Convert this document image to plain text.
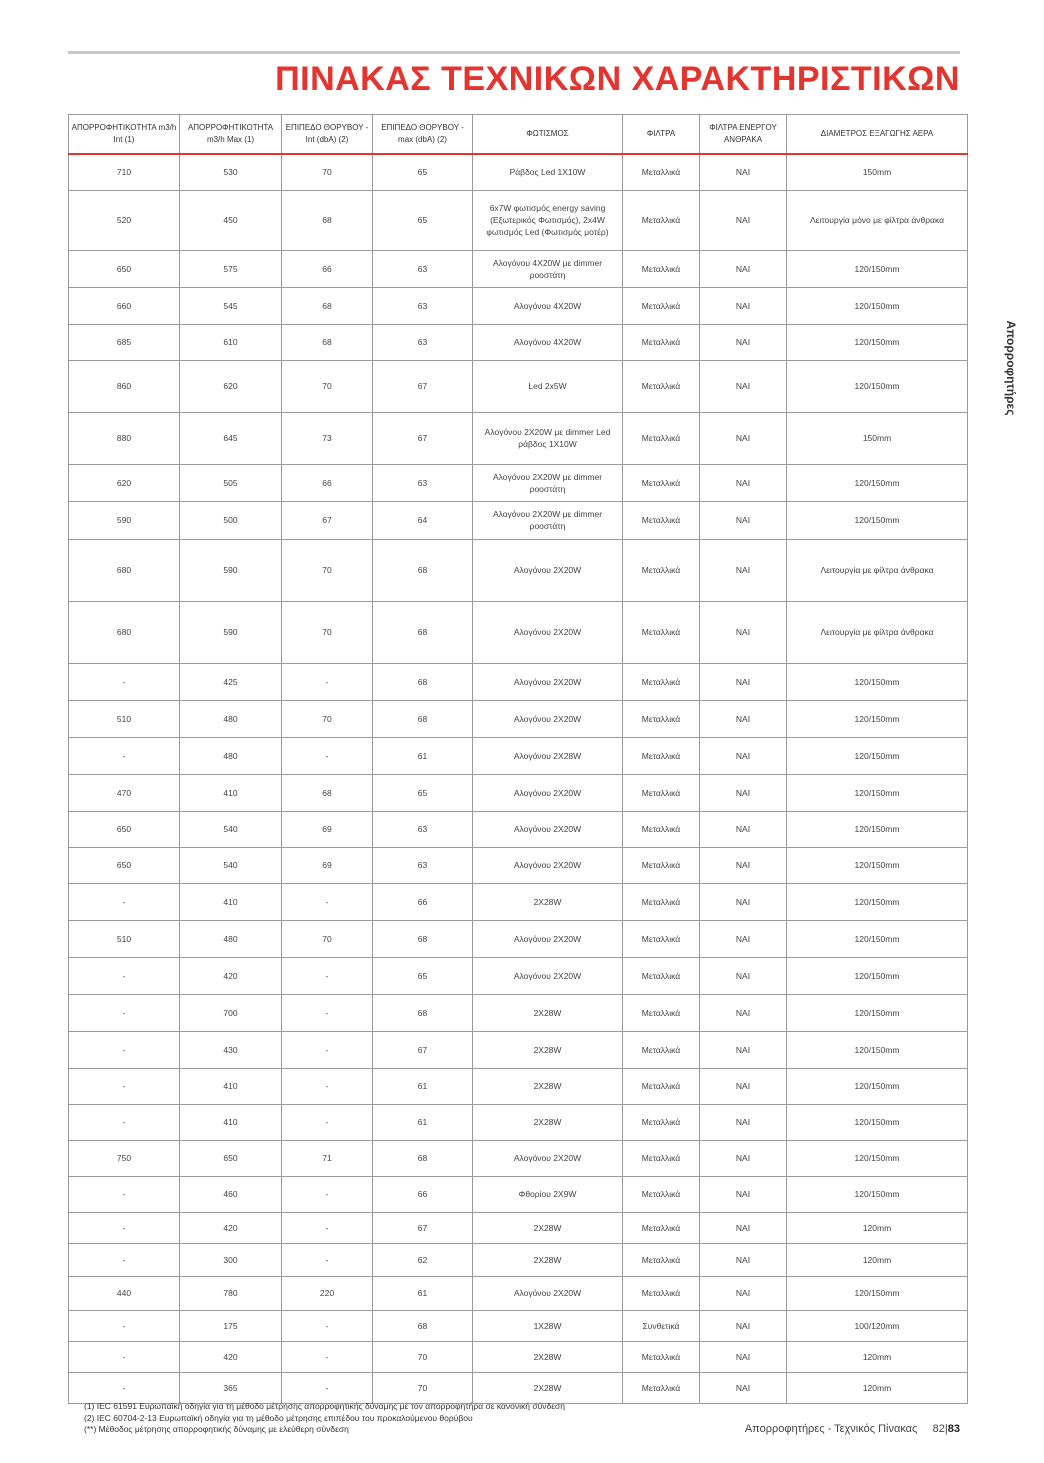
ΠΙΝΑΚΑΣ ΤΕΧΝΙΚΩΝ ΧΑΡΑΚΤΗΡΙΣΤΙΚΩΝ
Απορροφητήρες
ΑΠΟΡΡΟΦΗΤΙΚΟΤΗΤΑ m3/h Int (1)	ΑΠΟΡΡΟΦΗΤΙΚΟΤΗΤΑ m3/h Max (1)	ΕΠΙΠΕΔΟ ΘΟΡΥΒΟΥ - Int (dbA) (2)	ΕΠΙΠΕΔΟ ΘΟΡΥΒΟΥ - max (dbA) (2)	ΦΩΤΙΣΜΟΣ	ΦΙΛΤΡΑ	ΦΙΛΤΡΑ ΕΝΕΡΓΟΥ ΑΝΘΡΑΚΑ	ΔΙΑΜΕΤΡΟΣ ΕΞΑΓΩΓΗΣ ΑΕΡΑ
710	530	70	65	Ράβδος Led 1X10W	Μεταλλικά	ΝΑΙ	150mm
520	450	68	65	6x7W φωτισμός energy saving (Εξωτερικός Φωτισμός), 2x4W φωτισμός Led (Φωτισμός μοτέρ)	Μεταλλικά	ΝΑΙ	Λειτουργία μόνο με φίλτρα άνθρακα
650	575	66	63	Αλογόνου 4Χ20W με dimmer ροοστάτη	Μεταλλικά	ΝΑΙ	120/150mm
660	545	68	63	Αλογόνου 4Χ20W	Μεταλλικά	ΝΑΙ	120/150mm
685	610	68	63	Αλογόνου 4Χ20W	Μεταλλικά	ΝΑΙ	120/150mm
860	620	70	67	Led 2x5W	Μεταλλικά	ΝΑΙ	120/150mm
880	645	73	67	Αλογόνου 2Χ20W με dimmer Led ράβδος 1X10W	Μεταλλικά	ΝΑΙ	150mm
620	505	66	63	Αλογόνου 2Χ20W με dimmer ροοστάτη	Μεταλλικά	ΝΑΙ	120/150mm
590	500	67	64	Αλογόνου 2Χ20W με dimmer ροοστάτη	Μεταλλικά	ΝΑΙ	120/150mm
680	590	70	68	Αλογόνου 2Χ20W	Μεταλλικά	ΝΑΙ	Λειτουργία με φίλτρα άνθρακα
680	590	70	68	Αλογόνου 2Χ20W	Μεταλλικά	ΝΑΙ	Λειτουργία με φίλτρα άνθρακα
-	425	-	68	Αλογόνου 2Χ20W	Μεταλλικά	ΝΑΙ	120/150mm
510	480	70	68	Αλογόνου 2Χ20W	Μεταλλικά	ΝΑΙ	120/150mm
-	480	-	61	Αλογόνου 2Χ28W	Μεταλλικά	ΝΑΙ	120/150mm
470	410	68	65	Αλογόνου 2Χ20W	Μεταλλικά	ΝΑΙ	120/150mm
650	540	69	63	Αλογόνου 2Χ20W	Μεταλλικά	ΝΑΙ	120/150mm
650	540	69	63	Αλογόνου 2Χ20W	Μεταλλικά	ΝΑΙ	120/150mm
-	410	-	66	2Χ28W	Μεταλλικά	ΝΑΙ	120/150mm
510	480	70	68	Αλογόνου 2Χ20W	Μεταλλικά	ΝΑΙ	120/150mm
-	420	-	65	Αλογόνου 2Χ20W	Μεταλλικά	ΝΑΙ	120/150mm
-	700	-	68	2Χ28W	Μεταλλικά	ΝΑΙ	120/150mm
-	430	-	67	2Χ28W	Μεταλλικά	ΝΑΙ	120/150mm
-	410	-	61	2Χ28W	Μεταλλικά	ΝΑΙ	120/150mm
-	410	-	61	2Χ28W	Μεταλλικά	ΝΑΙ	120/150mm
750	650	71	68	Αλογόνου 2Χ20W	Μεταλλικά	ΝΑΙ	120/150mm
-	460	-	66	Φθορίου 2Χ9W	Μεταλλικά	ΝΑΙ	120/150mm
-	420	-	67	2Χ28W	Μεταλλικά	ΝΑΙ	120mm
-	300	-	62	2Χ28W	Μεταλλικά	ΝΑΙ	120mm
440	780	220	61	Αλογόνου 2Χ20W	Μεταλλικά	ΝΑΙ	120/150mm
-	175	-	68	1Χ28W	Συνθετικά	ΝΑΙ	100/120mm
-	420	-	70	2Χ28W	Μεταλλικά	ΝΑΙ	120mm
-	365	-	70	2Χ28W	Μεταλλικά	ΝΑΙ	120mm
(1) IEC 61591 Ευρωπαϊκή οδηγία για τη μέθοδο μέτρησης απορροφητικής δύναμης με τον απορροφητήρα σε κανονική σύνδεση
(2) IEC 60704-2-13 Ευρωπαϊκή οδηγία για τη μέθοδο μέτρησης επιπέδου του προκαλούμενου θορύβου
(**) Μέθοδος μέτρησης απορροφητικής δύναμης με ελεύθερη σύνδεση	Απορροφητήρες - Τεχνικός Πίνακας 82|83
